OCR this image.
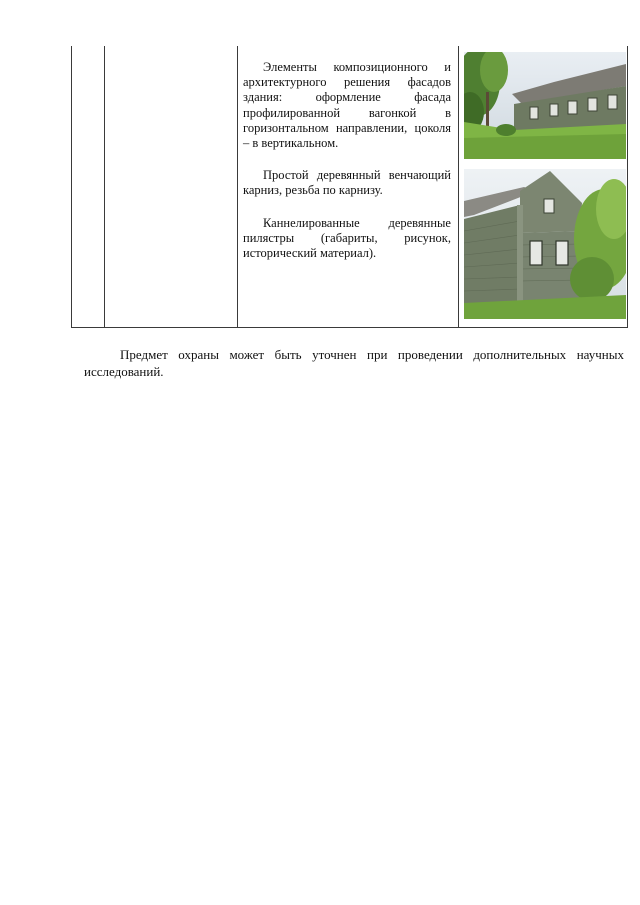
Элементы композиционного и архитектурного решения фасадов здания: оформление фасада профилированной вагонкой в горизонтальном направлении, цоколя – в вертикальном.

Простой деревянный венчающий карниз, резьба по карнизу.

Каннелированные деревянные пилястры (габариты, рисунок, исторический материал).

Предмет охраны может быть уточнен при проведении дополнительных научных исследований.
